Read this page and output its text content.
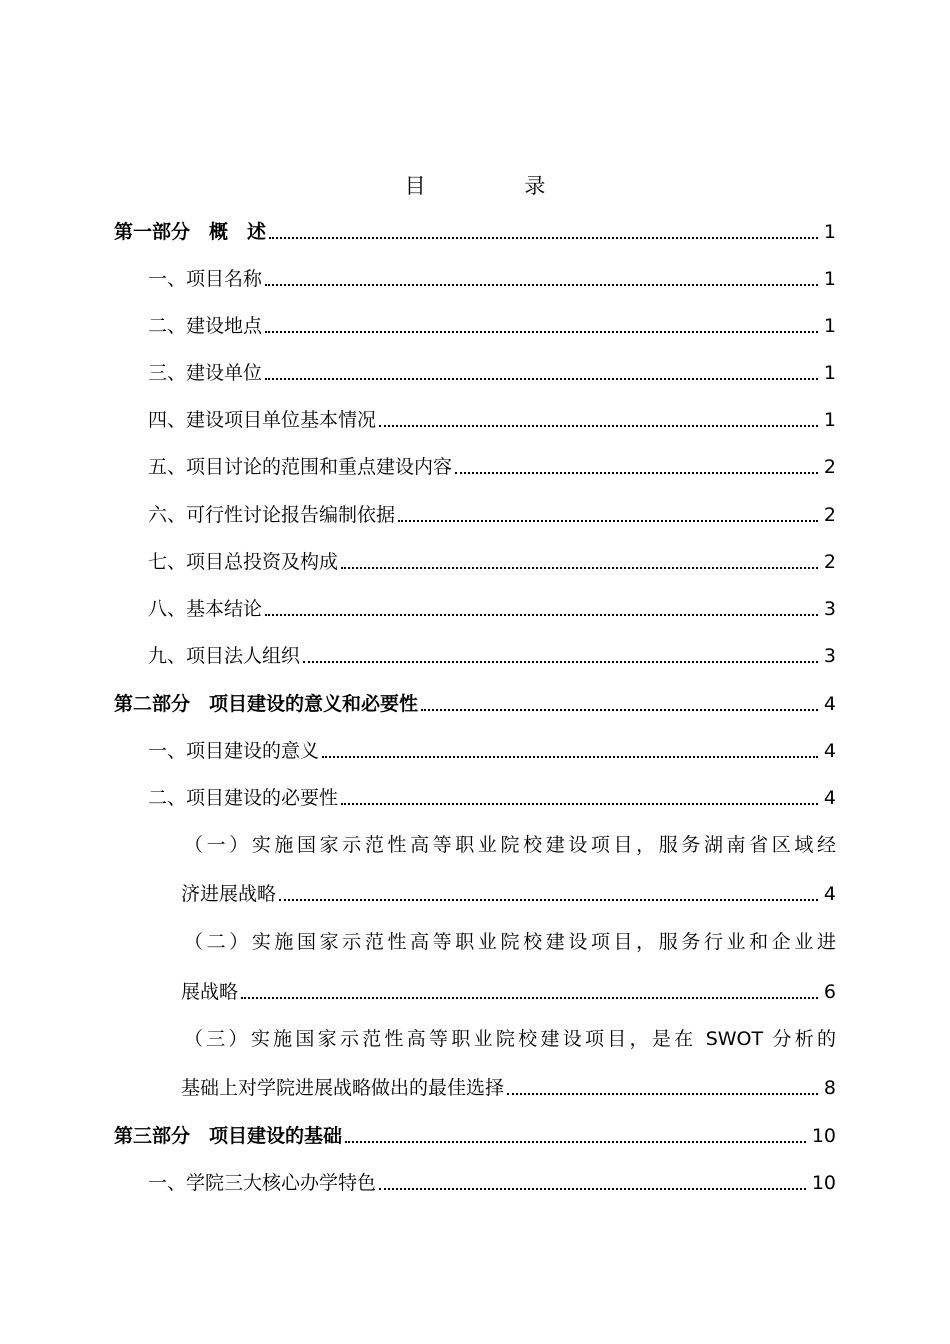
目 录
第一部分　概　述	1
一、项目名称	1
二、建设地点	1
三、建设单位	1
四、建设项目单位基本情况	1
五、项目讨论的范围和重点建设内容	2
六、可行性讨论报告编制依据	2
七、项目总投资及构成	2
八、基本结论	3
九、项目法人组织	3
第二部分　项目建设的意义和必要性	4
一、项目建设的意义	4
二、项目建设的必要性	4
（一）实施国家示范性高等职业院校建设项目，服务湖南省区域经
济进展战略	4
（二）实施国家示范性高等职业院校建设项目，服务行业和企业进
展战略	6
（三）实施国家示范性高等职业院校建设项目，是在 SWOT 分析的
基础上对学院进展战略做出的最佳选择	8
第三部分　项目建设的基础	10
一、学院三大核心办学特色	10
